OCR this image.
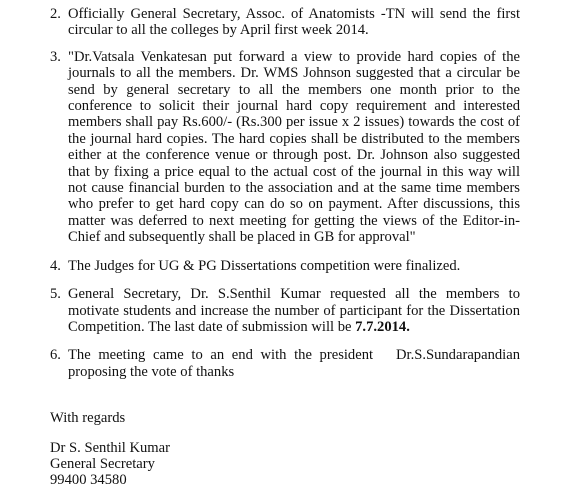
2. Officially General Secretary, Assoc. of Anatomists -TN will send the first circular to all the colleges by April first week 2014.
3. "Dr.Vatsala Venkatesan put forward a view to provide hard copies of the journals to all the members. Dr. WMS Johnson suggested that a circular be send by general secretary to all the members one month prior to the conference to solicit their journal hard copy requirement and interested members shall pay Rs.600/- (Rs.300 per issue x 2 issues) towards the cost of the journal hard copies. The hard copies shall be distributed to the members either at the conference venue or through post. Dr. Johnson also suggested that by fixing a price equal to the actual cost of the journal in this way will not cause financial burden to the association and at the same time members who prefer to get hard copy can do so on payment. After discussions, this matter was deferred to next meeting for getting the views of the Editor-in-Chief and subsequently shall be placed in GB for approval"
4. The Judges for UG & PG Dissertations competition were finalized.
5. General Secretary, Dr. S.Senthil Kumar requested all the members to motivate students and increase the number of participant for the Dissertation Competition. The last date of submission will be 7.7.2014.
6. The meeting came to an end with the president   Dr.S.Sundarapandian proposing the vote of thanks
With regards
Dr S. Senthil Kumar
General Secretary
99400 34580
